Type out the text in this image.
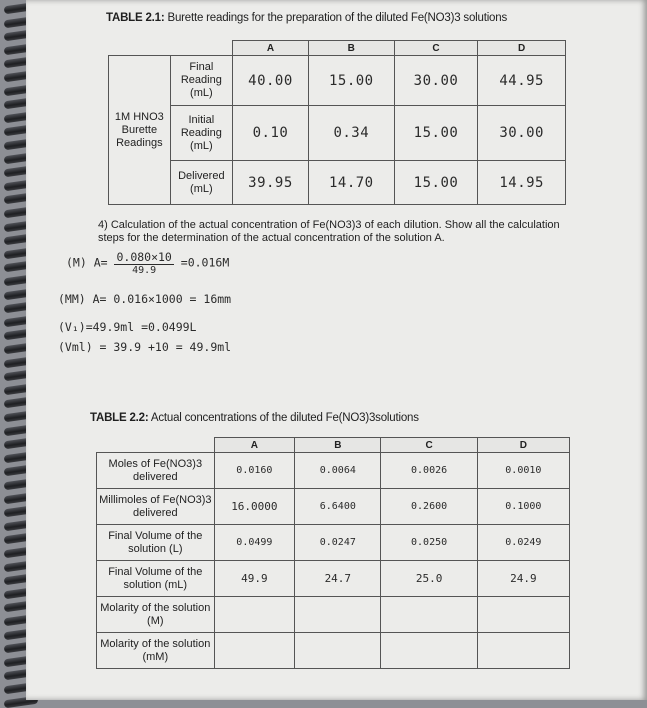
TABLE 2.1: Burette readings for the preparation of the diluted Fe(NO3)3 solutions
		A	B	C	D
1M HNO3 Burette Readings	Final Reading (mL)	40.00	15.00	30.00	44.95
	Initial Reading (mL)	0.10	0.34	15.00	30.00
	Delivered (mL)	39.95	14.70	15.00	14.95
4) Calculation of the actual concentration of Fe(NO3)3 of each dilution. Show all the calculation
steps for the determination of the actual concentration of the solution A.
(M) $A= \frac{0.080\times 10}{49.9} =0.016M$
(MM) A= 0.016×1000 = 16mm
(V₁)=49.9ml =0.0499L
(Vml) = 39.9 +10 = 49.9ml
TABLE 2.2: Actual concentrations of the diluted Fe(NO3)3solutions
	A	B	C	D
Moles of Fe(NO3)3 delivered	0.0160	0.0064	0.0026	0.0010
Millimoles of Fe(NO3)3 delivered	16.0000	6.6400	0.2600	0.1000
Final Volume of the solution (L)	0.0499	0.0247	0.0250	0.0249
Final Volume of the solution (mL)	49.9	24.7	25.0	24.9
Molarity of the solution (M)				
Molarity of the solution (mM)				
